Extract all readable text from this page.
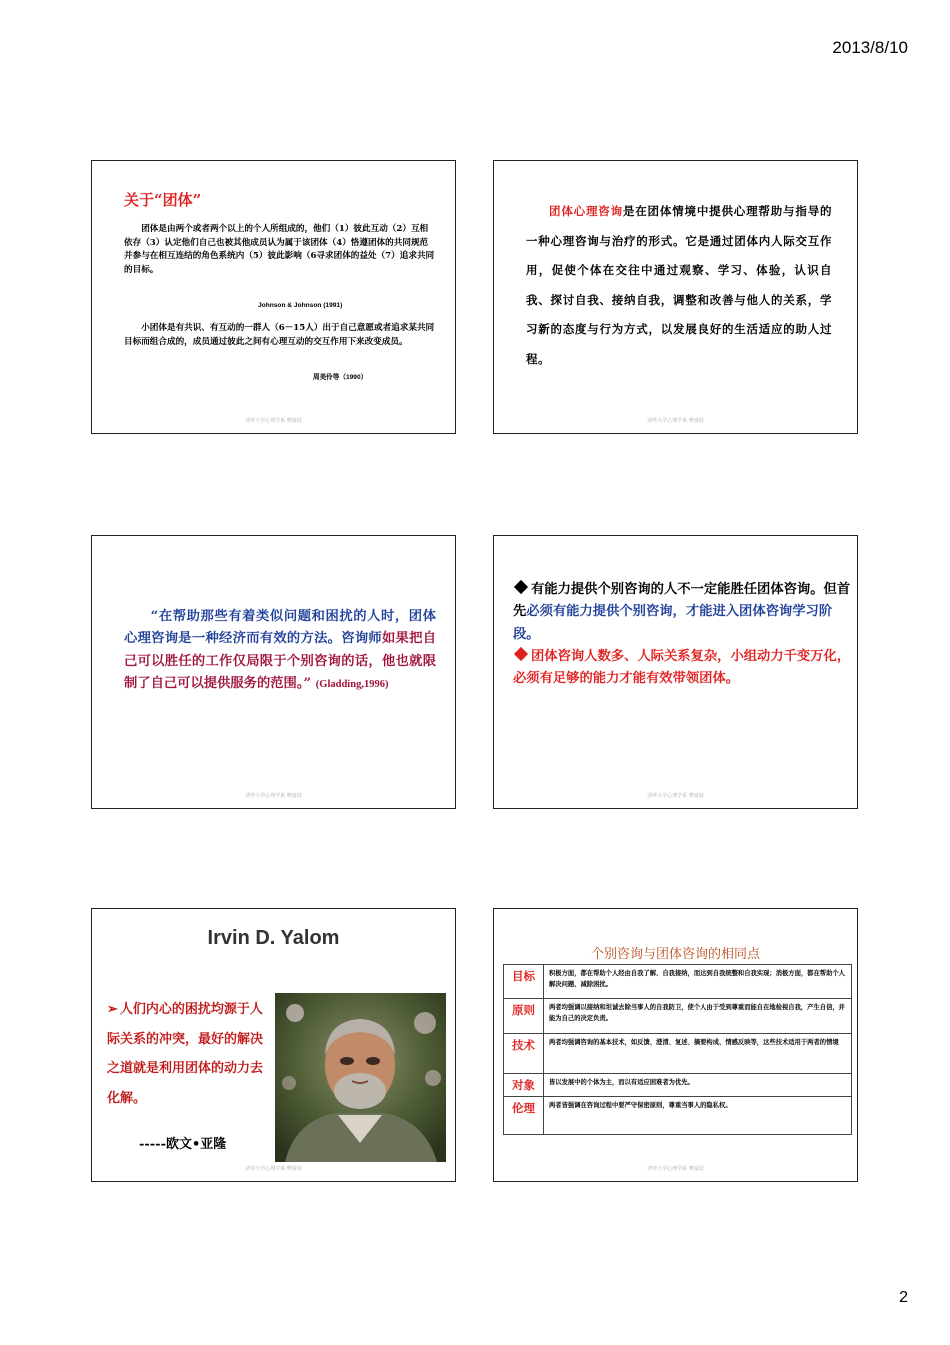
2013/8/10
关于“团体”
团体是由两个或者两个以上的个人所组成的，他们（1）彼此互动（2）互相依存（3）认定他们自己也被其他成员认为属于该团体（4）恪遵团体的共同规范并参与在相互连结的角色系统内（5）彼此影响（6寻求团体的益处（7）追求共同的目标。
Johnson & Johnson (1991)
小团体是有共识、有互动的一群人（6－15人）出于自己意愿或者追求某共同目标而组合成的，成员通过彼此之间有心理互动的交互作用下来改变成员。
周美伶等（1990）
清华大学心理学系 樊富珉
团体心理咨询是在团体情境中提供心理帮助与指导的一种心理咨询与治疗的形式。它是通过团体内人际交互作用，促使个体在交往中通过观察、学习、体验，认识自我、探讨自我、接纳自我，调整和改善与他人的关系，学习新的态度与行为方式，以发展良好的生活适应的助人过程。
清华大学心理学系 樊富珉
“在帮助那些有着类似问题和困扰的人时，团体心理咨询是一种经济而有效的方法。咨询师如果把自己可以胜任的工作仅局限于个别咨询的话，他也就限制了自己可以提供服务的范围。” (Gladding,1996)
清华大学心理学系 樊富珉
有能力提供个别咨询的人不一定能胜任团体咨询。但首先必须有能力提供个别咨询，才能进入团体咨询学习阶段。
团体咨询人数多、人际关系复杂，小组动力千变万化，必须有足够的能力才能有效带领团体。
清华大学心理学系 樊富珉
Irvin D. Yalom
➢ 人们内心的困扰均源于人际关系的冲突，最好的解决之道就是利用团体的动力去化解。
-----欧文•亚隆
清华大学心理学系 樊富珉
个别咨询与团体咨询的相同点
目标	积极方面，都在帮助个人经由自我了解、自我接纳，而达到自我统整和自我实现；消极方面，都在帮助个人解决问题、减除困扰。
原则	两者均强调以接纳和坦诚去除当事人的自我防卫，使个人由于受到尊重而能自在地检视自我，产生自信，并能为自己的决定负责。
技术	两者均强调咨询的基本技术，如反馈、澄清、复述、摘要构成、情感反映等，这些技术适用于两者的情境
对象	皆以发展中的个体为主，而以有适应困难者为优先。
伦理	两者皆强调在咨询过程中要严守保密原则，尊重当事人的隐私权。
清华大学心理学系 樊富珉
2
